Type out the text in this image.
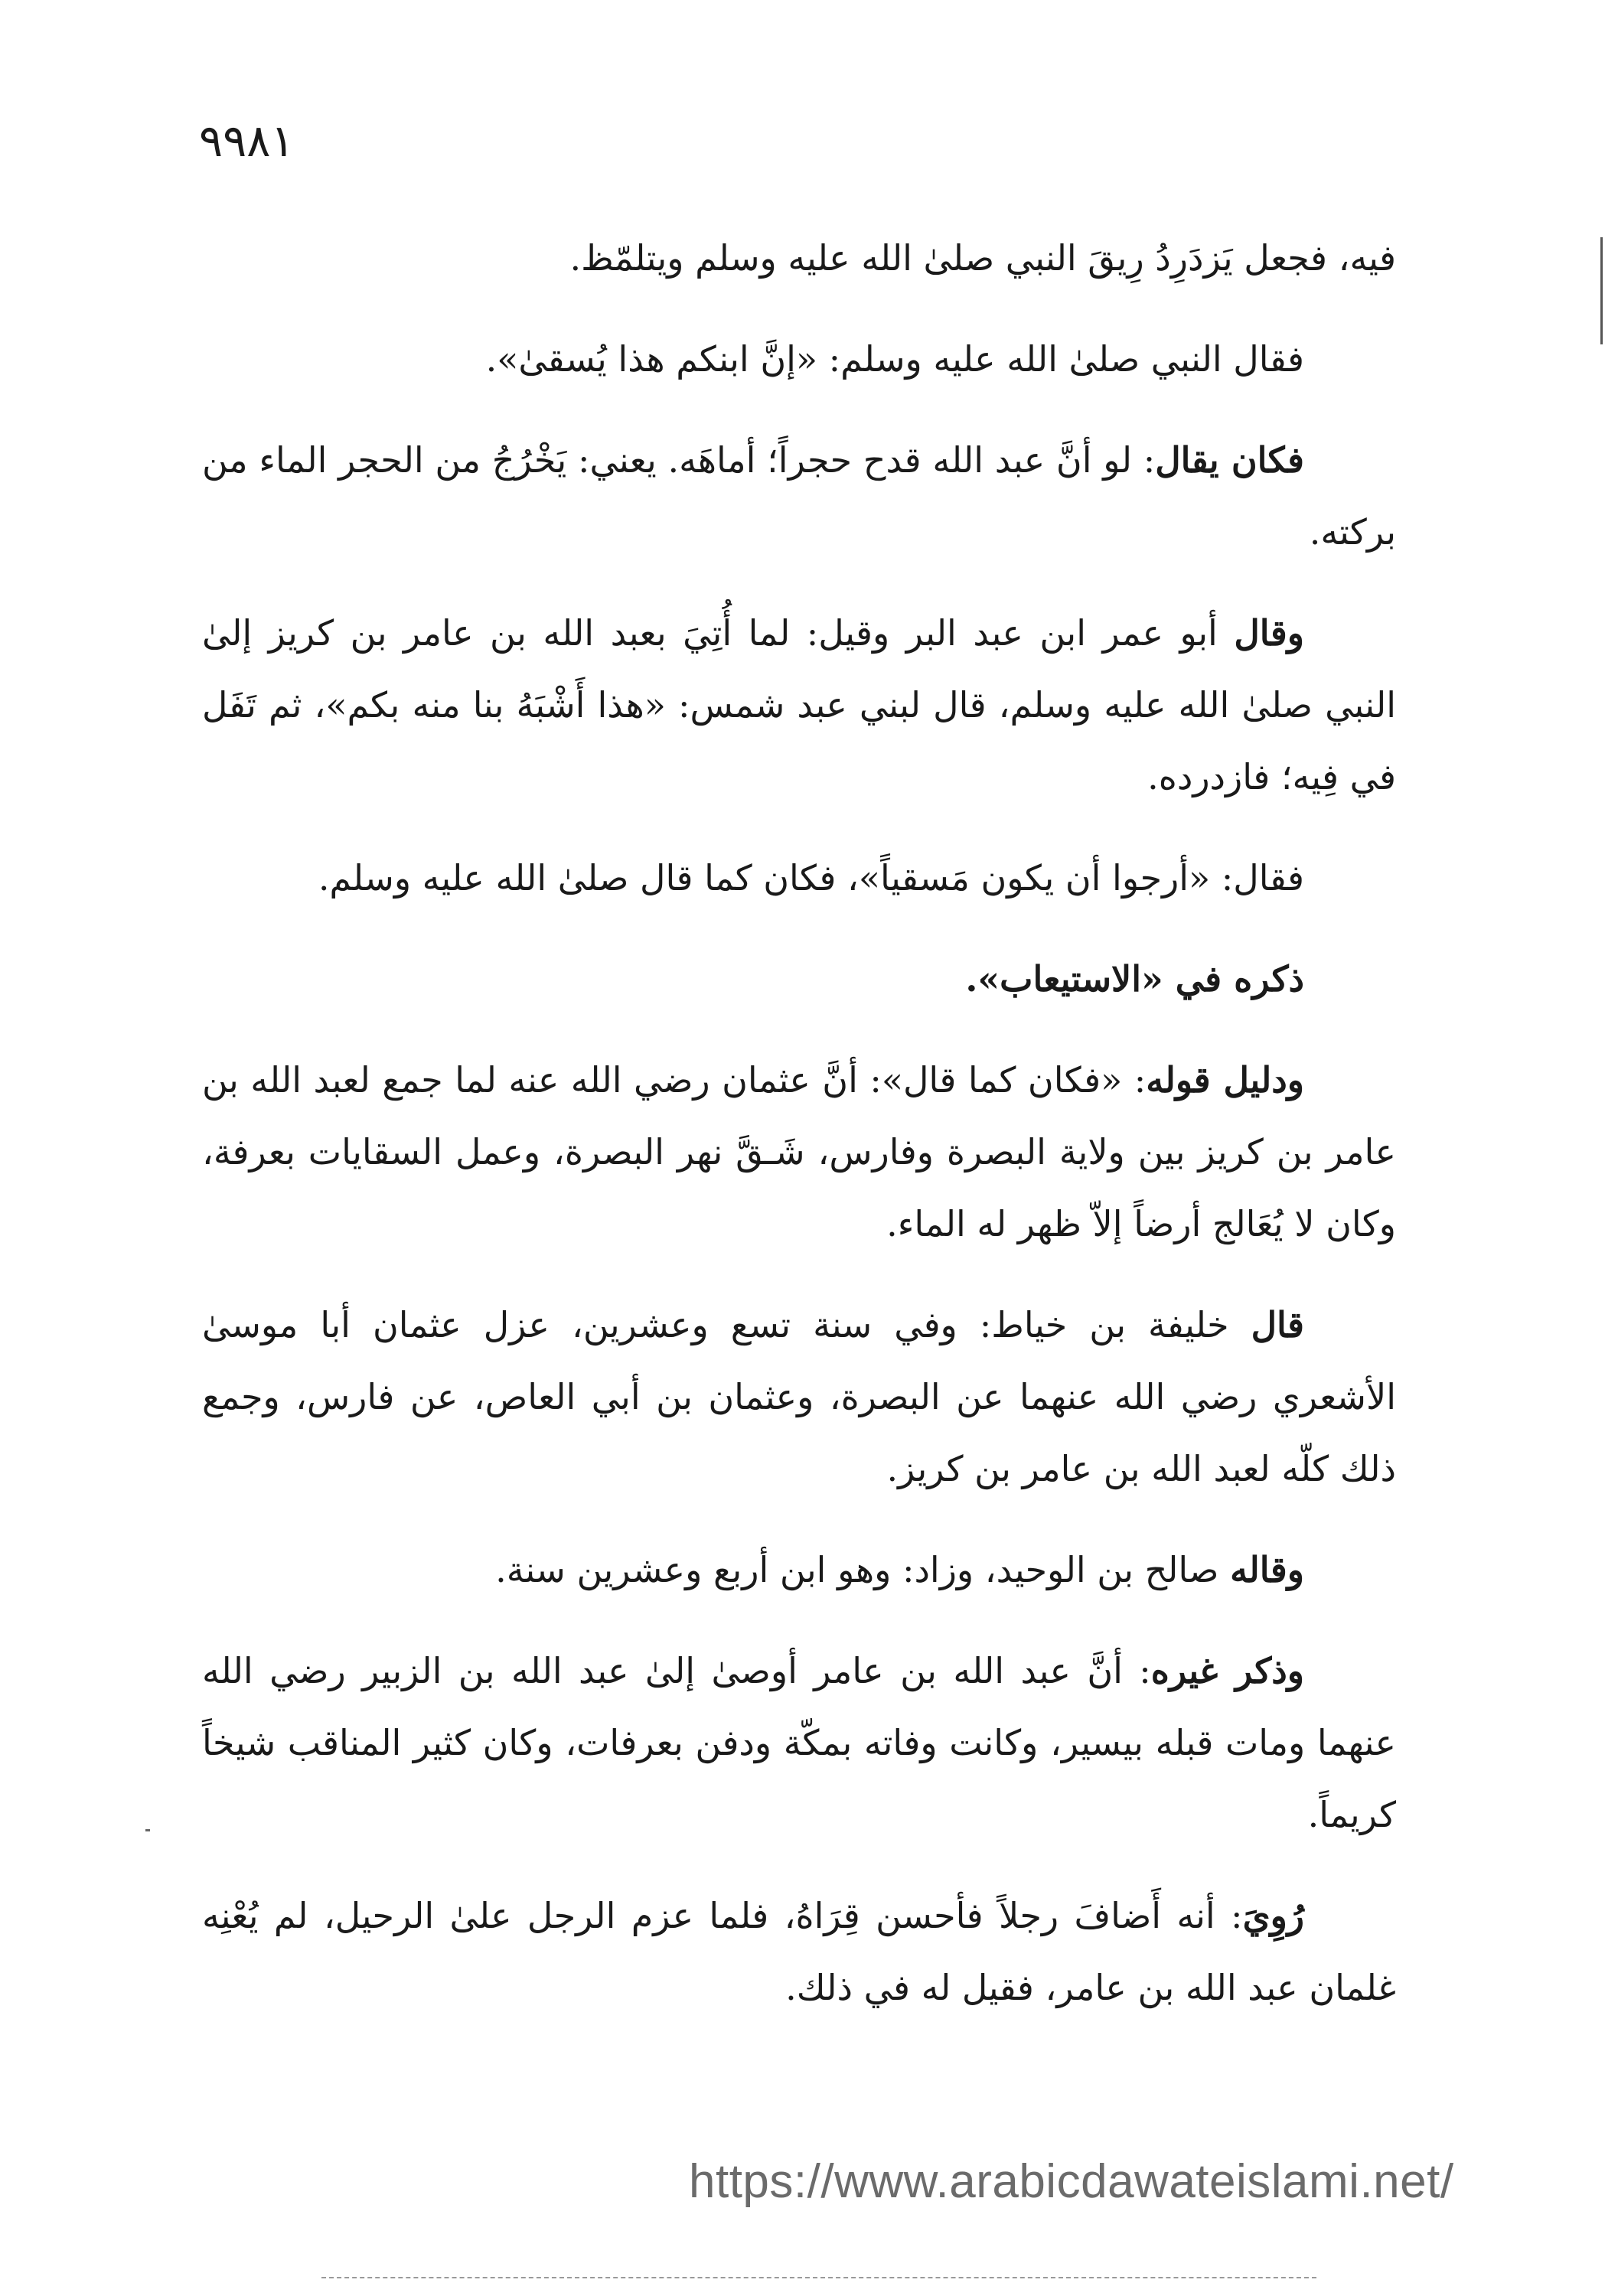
١٨٩٩

فيه، فجعل يَزدَرِدُ رِيقَ النبي صلىٰ الله عليه وسلم ويتلمّظ.

فقال النبي صلىٰ الله عليه وسلم: «إنَّ ابنكم هذا يُسقىٰ».

فكان يقال: لو أنَّ عبد الله قدح حجراً؛ أماهَه. يعني: يَخْرُجُ من الحجر الماء من بركته.

وقال أبو عمر ابن عبد البر وقيل: لما أُتِيَ بعبد الله بن عامر بن كريز إلىٰ النبي صلىٰ الله عليه وسلم، قال لبني عبد شمس: «هذا أَشْبَهُ بنا منه بكم»، ثم تَفَل في فِيه؛ فازدرده.

فقال: «أرجوا أن يكون مَسقياً»، فكان كما قال صلىٰ الله عليه وسلم.

ذكره في «الاستيعاب».

ودليل قوله: «فكان كما قال»: أنَّ عثمان رضي الله عنه لما جمع لعبد الله بن عامر بن كريز بين ولاية البصرة وفارس، شَـقَّ نهر البصرة، وعمل السقايات بعرفة، وكان لا يُعَالج أرضاً إلاّ ظهر له الماء.

قال خليفة بن خياط: وفي سنة تسع وعشرين، عزل عثمان أبا موسىٰ الأشعري رضي الله عنهما عن البصرة، وعثمان بن أبي العاص، عن فارس، وجمع ذلك كلّه لعبد الله بن عامر بن كريز.

وقاله صالح بن الوحيد، وزاد: وهو ابن أربع وعشرين سنة.

وذكر غيره: أنَّ عبد الله بن عامر أوصىٰ إلىٰ عبد الله بن الزبير رضي الله عنهما ومات قبله بيسير، وكانت وفاته بمكّة ودفن بعرفات، وكان كثير المناقب شيخاً كريماً.

رُوِيَ: أنه أَضافَ رجلاً فأحسن قِرَاهُ، فلما عزم الرجل علىٰ الرحيل، لم يُعْنِه غلمان عبد الله بن عامر، فقيل له في ذلك.

https://www.arabicdawateislami.net/
